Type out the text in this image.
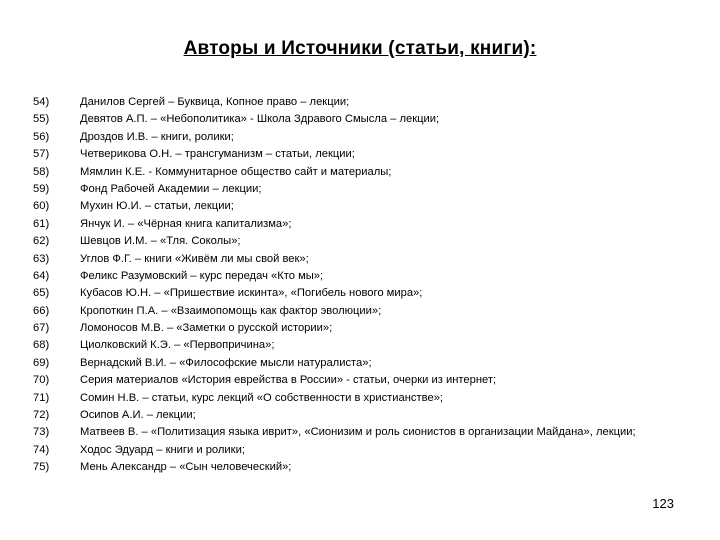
Авторы и Источники (статьи, книги):
54)	Данилов Сергей – Буквица, Копное право – лекции;
55)	Девятов А.П. – «Небополитика» - Школа Здравого Смысла – лекции;
56)	Дроздов И.В. – книги, ролики;
57)	Четверикова О.Н. – трансгуманизм – статьи, лекции;
58)	Мямлин К.Е. - Коммунитарное общество сайт и материалы;
59)	Фонд Рабочей Академии – лекции;
60)	Мухин Ю.И. – статьи, лекции;
61)	Янчук И. – «Чёрная книга капитализма»;
62)	Шевцов И.М. – «Тля. Соколы»;
63)	Углов Ф.Г. – книги «Живём ли мы свой век»;
64)	Феликс Разумовский – курс передач «Кто мы»;
65)	Кубасов Ю.Н. – «Пришествие искинта», «Погибель нового мира»;
66)	Кропоткин П.А. – «Взаимопомощь как фактор эволюции»;
67)	Ломоносов М.В. – «Заметки о русской истории»;
68)	Циолковский К.Э. – «Первопричина»;
69)	Вернадский В.И. – «Философские мысли натуралиста»;
70)	Серия материалов «История еврейства в России» - статьи, очерки из интернет;
71)	Сомин Н.В. – статьи, курс лекций «О собственности в христианстве»;
72)	Осипов А.И. – лекции;
73)	Матвеев В. – «Политизация языка иврит», «Сионизим и роль сионистов в организации Майдана», лекции;
74)	Ходос Эдуард – книги и ролики;
75)	Мень Александр – «Сын человеческий»;
123
